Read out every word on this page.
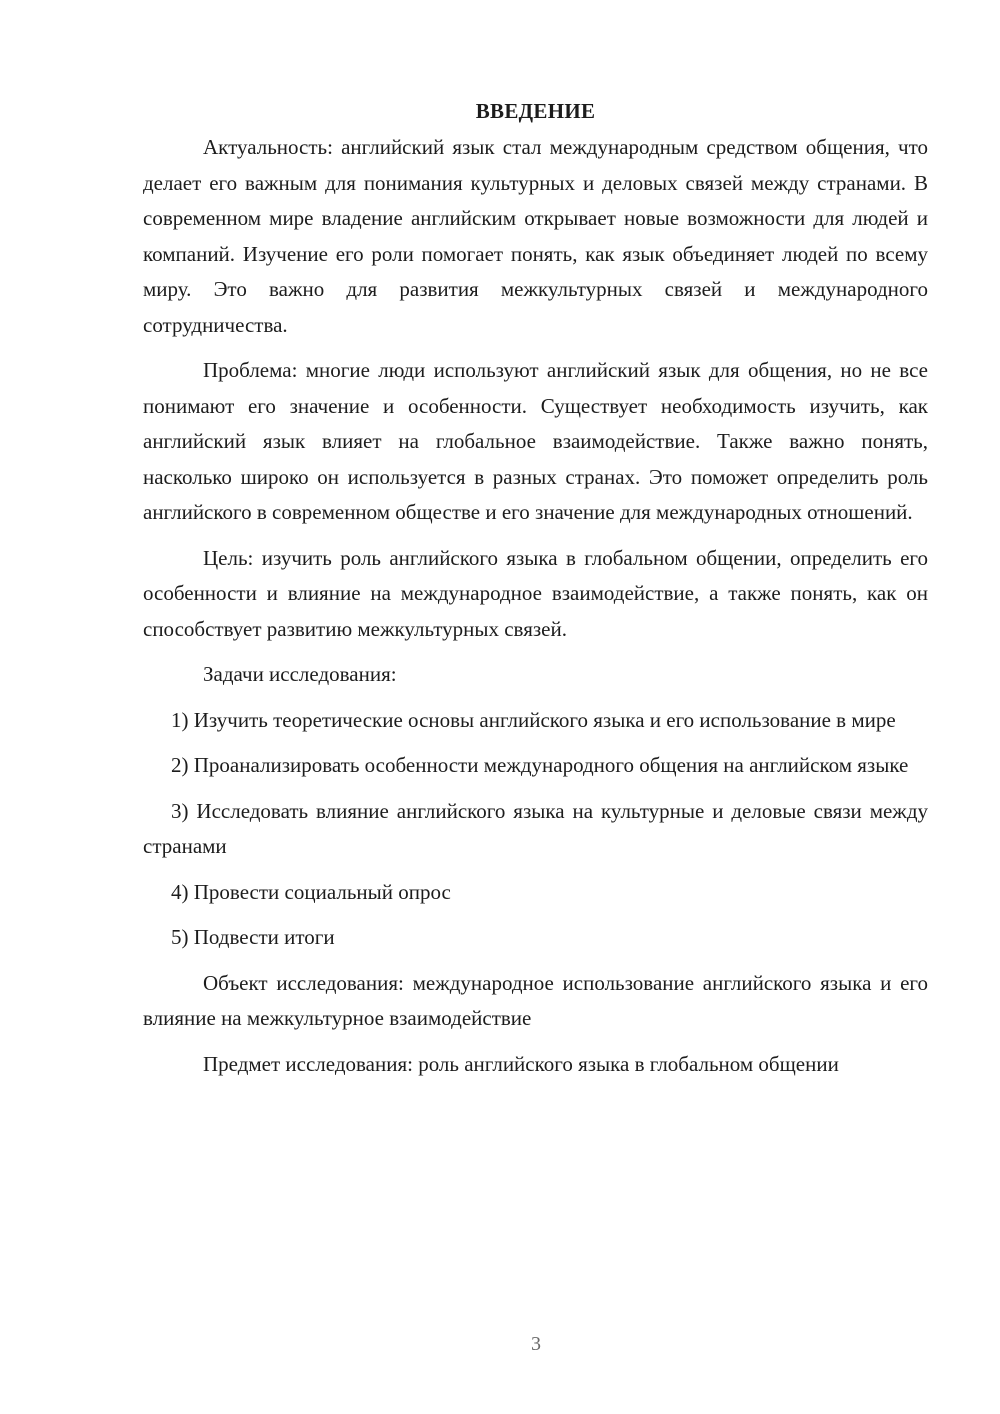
ВВЕДЕНИЕ

Актуальность: английский язык стал международным средством общения, что делает его важным для понимания культурных и деловых связей между странами. В современном мире владение английским открывает новые возможности для людей и компаний. Изучение его роли помогает понять, как язык объединяет людей по всему миру. Это важно для развития межкультурных связей и международного сотрудничества.

Проблема: многие люди используют английский язык для общения, но не все понимают его значение и особенности. Существует необходимость изучить, как английский язык влияет на глобальное взаимодействие. Также важно понять, насколько широко он используется в разных странах. Это поможет определить роль английского в современном обществе и его значение для международных отношений.

Цель: изучить роль английского языка в глобальном общении, определить его особенности и влияние на международное взаимодействие, а также понять, как он способствует развитию межкультурных связей.

Задачи исследования:

1) Изучить теоретические основы английского языка и его использование в мире

2) Проанализировать особенности международного общения на английском языке

3) Исследовать влияние английского языка на культурные и деловые связи между странами

4) Провести социальный опрос

5) Подвести итоги

Объект исследования: международное использование английского языка и его влияние на межкультурное взаимодействие

Предмет исследования: роль английского языка в глобальном общении

3
